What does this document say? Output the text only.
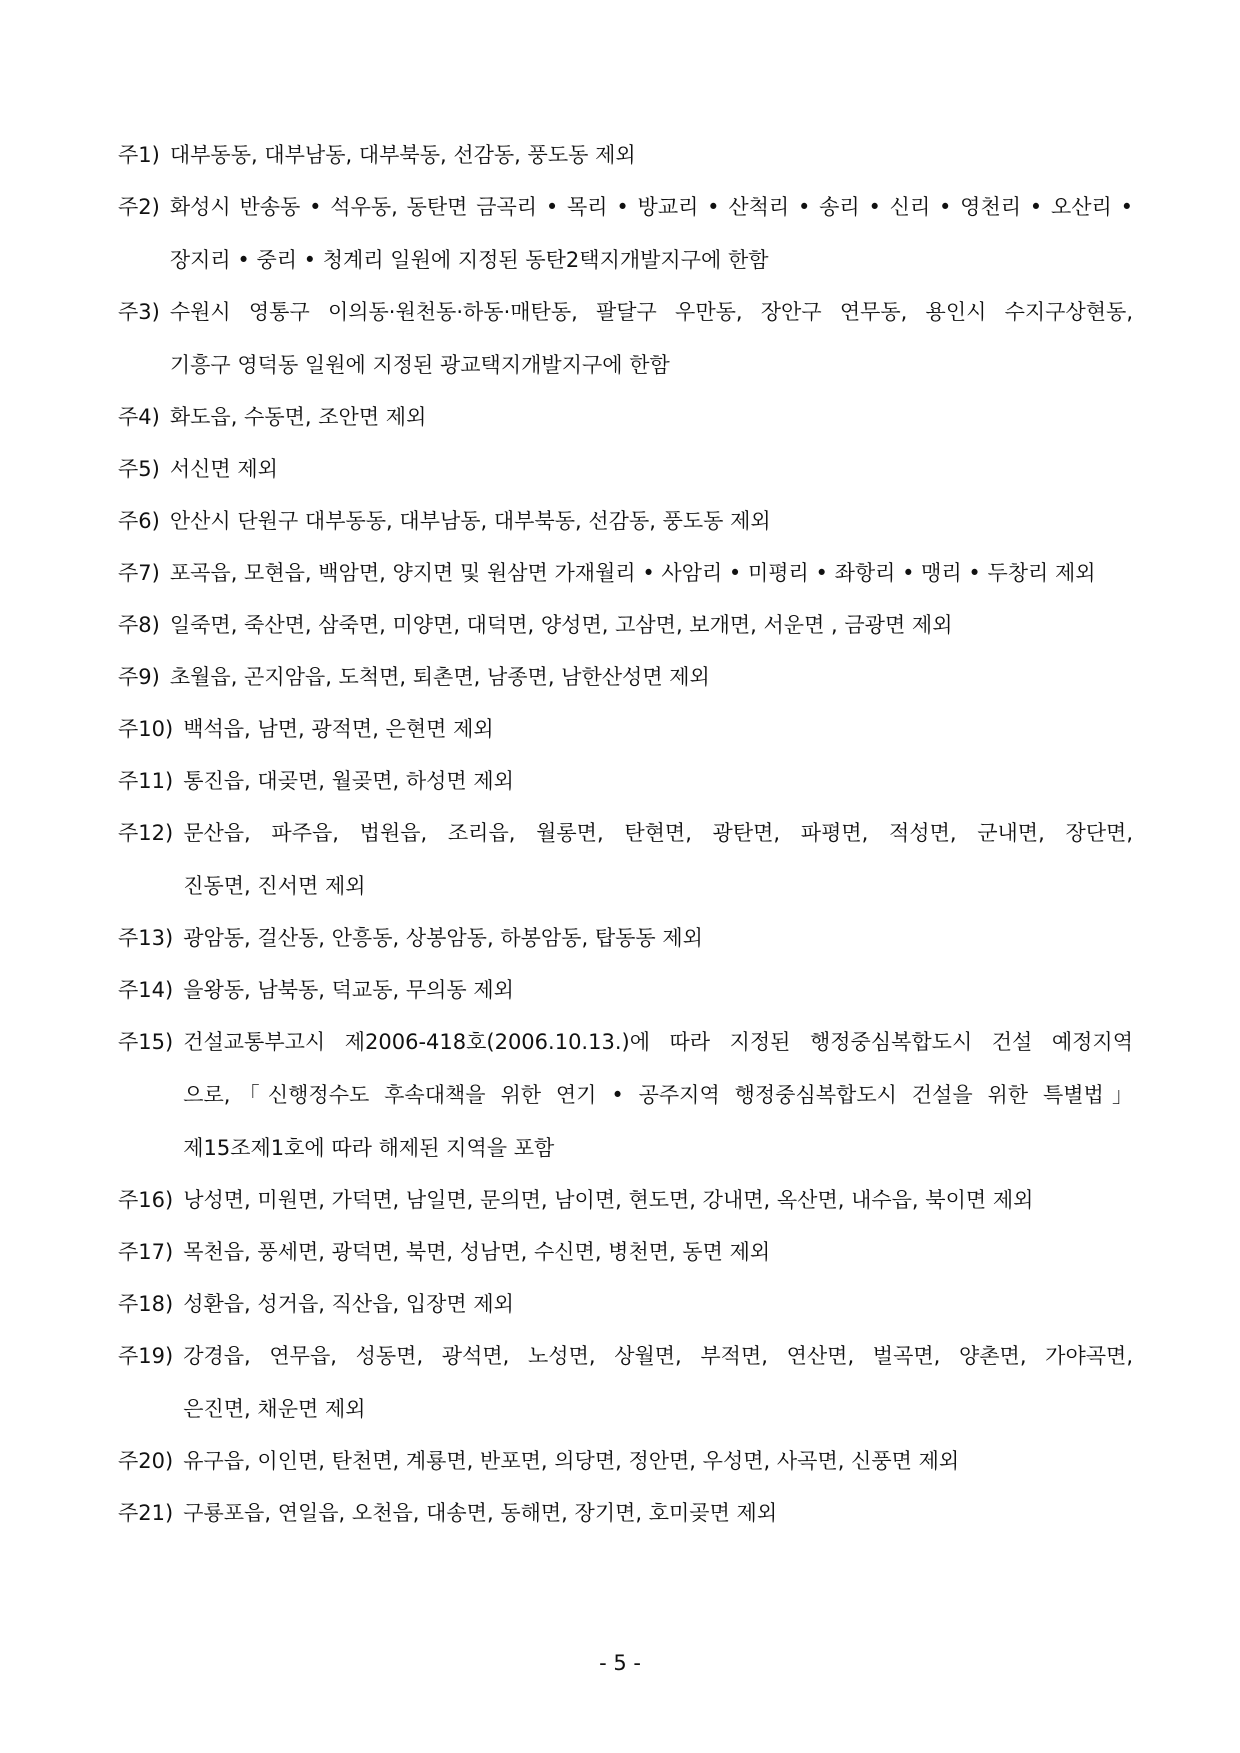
주1) 대부동동, 대부남동, 대부북동, 선감동, 풍도동 제외
주2) 화성시 반송동 • 석우동, 동탄면 금곡리 • 목리 • 방교리 • 산척리 • 송리 • 신리 • 영천리 • 오산리 •
장지리 • 중리 • 청계리 일원에 지정된 동탄2택지개발지구에 한함
주3) 수원시 영통구 이의동·원천동·하동·매탄동, 팔달구 우만동, 장안구 연무동, 용인시 수지구상현동,
기흥구 영덕동 일원에 지정된 광교택지개발지구에 한함
주4) 화도읍, 수동면, 조안면 제외
주5) 서신면 제외
주6) 안산시 단원구 대부동동, 대부남동, 대부북동, 선감동, 풍도동 제외
주7) 포곡읍, 모현읍, 백암면, 양지면 및 원삼면 가재월리 • 사암리 • 미평리 • 좌항리 • 맹리 • 두창리 제외
주8) 일죽면, 죽산면, 삼죽면, 미양면, 대덕면, 양성면, 고삼면, 보개면, 서운면 , 금광면 제외
주9) 초월읍, 곤지암읍, 도척면, 퇴촌면, 남종면, 남한산성면 제외
주10) 백석읍, 남면, 광적면, 은현면 제외
주11) 통진읍, 대곶면, 월곶면, 하성면 제외
주12) 문산읍, 파주읍, 법원읍, 조리읍, 월롱면, 탄현면, 광탄면, 파평면, 적성면, 군내면, 장단면,
진동면, 진서면 제외
주13) 광암동, 걸산동, 안흥동, 상봉암동, 하봉암동, 탑동동 제외
주14) 을왕동, 남북동, 덕교동, 무의동 제외
주15) 건설교통부고시 제2006-418호(2006.10.13.)에 따라 지정된 행정중심복합도시 건설 예정지역
으로,「신행정수도 후속대책을 위한 연기 • 공주지역 행정중심복합도시 건설을 위한 특별법」
제15조제1호에 따라 해제된 지역을 포함
주16) 낭성면, 미원면, 가덕면, 남일면, 문의면, 남이면, 현도면, 강내면, 옥산면, 내수읍, 북이면 제외
주17) 목천읍, 풍세면, 광덕면, 북면, 성남면, 수신면, 병천면, 동면 제외
주18) 성환읍, 성거읍, 직산읍, 입장면 제외
주19) 강경읍, 연무읍, 성동면, 광석면, 노성면, 상월면, 부적면, 연산면, 벌곡면, 양촌면, 가야곡면,
은진면, 채운면 제외
주20) 유구읍, 이인면, 탄천면, 계룡면, 반포면, 의당면, 정안면, 우성면, 사곡면, 신풍면 제외
주21) 구룡포읍, 연일읍, 오천읍, 대송면, 동해면, 장기면, 호미곶면 제외
- 5 -
